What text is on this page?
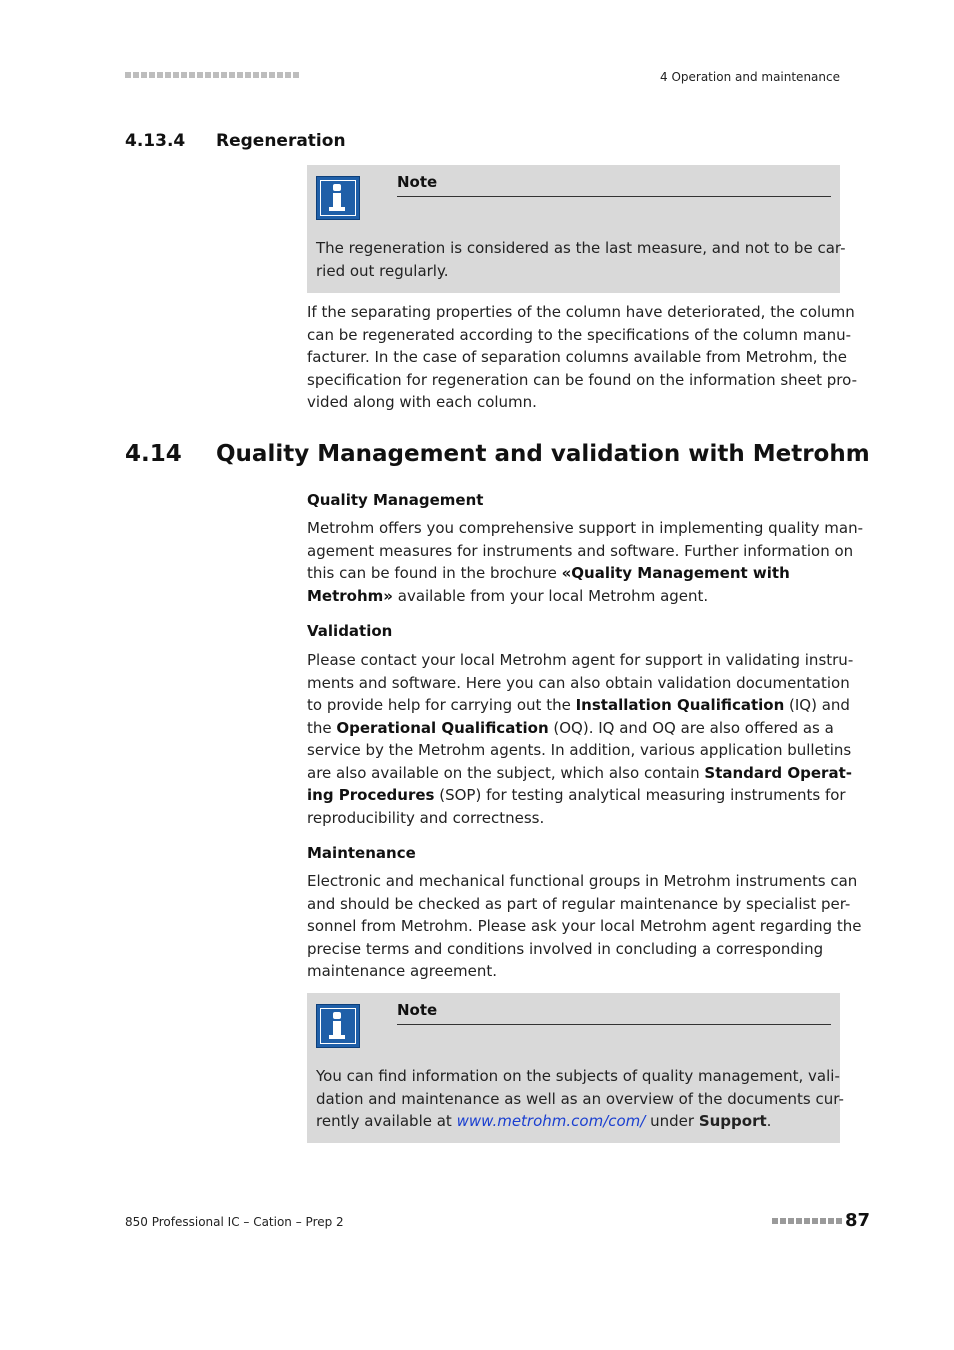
4 Operation and maintenance
4.13.4 Regeneration
Note
The regeneration is considered as the last measure, and not to be car-
ried out regularly.
If the separating properties of the column have deteriorated, the column
can be regenerated according to the specifications of the column manu-
facturer. In the case of separation columns available from Metrohm, the
specification for regeneration can be found on the information sheet pro-
vided along with each column.
4.14 Quality Management and validation with Metrohm
Quality Management
Metrohm offers you comprehensive support in implementing quality man-
agement measures for instruments and software. Further information on
this can be found in the brochure «Quality Management with
Metrohm» available from your local Metrohm agent.
Validation
Please contact your local Metrohm agent for support in validating instru-
ments and software. Here you can also obtain validation documentation
to provide help for carrying out the Installation Qualification (IQ) and
the Operational Qualification (OQ). IQ and OQ are also offered as a
service by the Metrohm agents. In addition, various application bulletins
are also available on the subject, which also contain Standard Operat-
ing Procedures (SOP) for testing analytical measuring instruments for
reproducibility and correctness.
Maintenance
Electronic and mechanical functional groups in Metrohm instruments can
and should be checked as part of regular maintenance by specialist per-
sonnel from Metrohm. Please ask your local Metrohm agent regarding the
precise terms and conditions involved in concluding a corresponding
maintenance agreement.
Note
You can find information on the subjects of quality management, vali-
dation and maintenance as well as an overview of the documents cur-
rently available at www.metrohm.com/com/ under Support.
850 Professional IC – Cation – Prep 2	87
